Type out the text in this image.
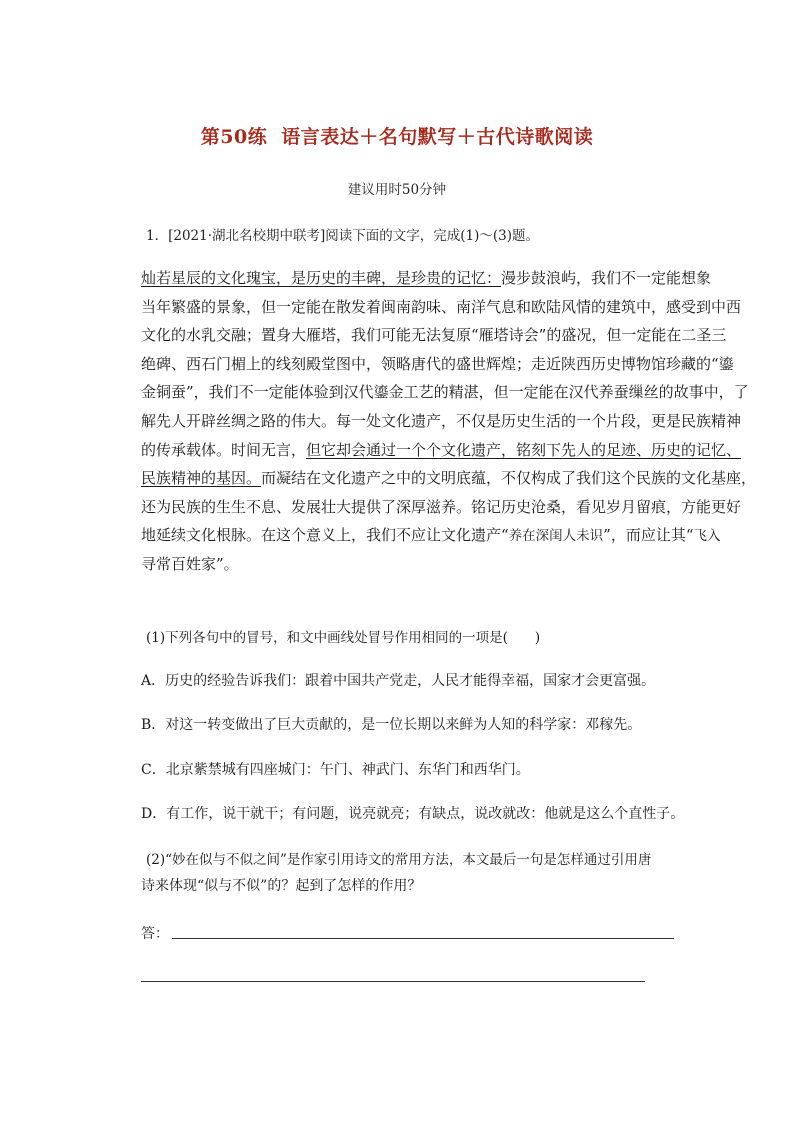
第50练 语言表达＋名句默写＋古代诗歌阅读
建议用时50分钟
1．[2021·湖北名校期中联考]阅读下面的文字，完成(1)～(3)题。
灿若星辰的文化瑰宝，是历史的丰碑，是珍贵的记忆：漫步鼓浪屿，我们不一定能想象
当年繁盛的景象，但一定能在散发着闽南韵味、南洋气息和欧陆风情的建筑中，感受到中西
文化的水乳交融；置身大雁塔，我们可能无法复原“雁塔诗会”的盛况，但一定能在二圣三
绝碑、西石门楣上的线刻殿堂图中，领略唐代的盛世辉煌；走近陕西历史博物馆珍藏的“鎏
金铜蚕”，我们不一定能体验到汉代鎏金工艺的精湛，但一定能在汉代养蚕缫丝的故事中，了
解先人开辟丝绸之路的伟大。每一处文化遗产，不仅是历史生活的一个片段，更是民族精神
的传承载体。时间无言，但它却会通过一个个文化遗产，铭刻下先人的足迹、历史的记忆、
民族精神的基因。而凝结在文化遗产之中的文明底蕴，不仅构成了我们这个民族的文化基座，
还为民族的生生不息、发展壮大提供了深厚滋养。铭记历史沧桑，看见岁月留痕，方能更好
地延续文化根脉。在这个意义上，我们不应让文化遗产“养在深闺人未识”，而应让其“飞入
寻常百姓家”。
(1)下列各句中的冒号，和文中画线处冒号作用相同的一项是(　　)
A．历史的经验告诉我们：跟着中国共产党走，人民才能得幸福，国家才会更富强。
B．对这一转变做出了巨大贡献的，是一位长期以来鲜为人知的科学家：邓稼先。
C．北京紫禁城有四座城门：午门、神武门、东华门和西华门。
D．有工作，说干就干；有问题，说亮就亮；有缺点，说改就改：他就是这么个直性子。
(2)“妙在似与不似之间”是作家引用诗文的常用方法，本文最后一句是怎样通过引用唐
诗来体现“似与不似”的？起到了怎样的作用？
答：
